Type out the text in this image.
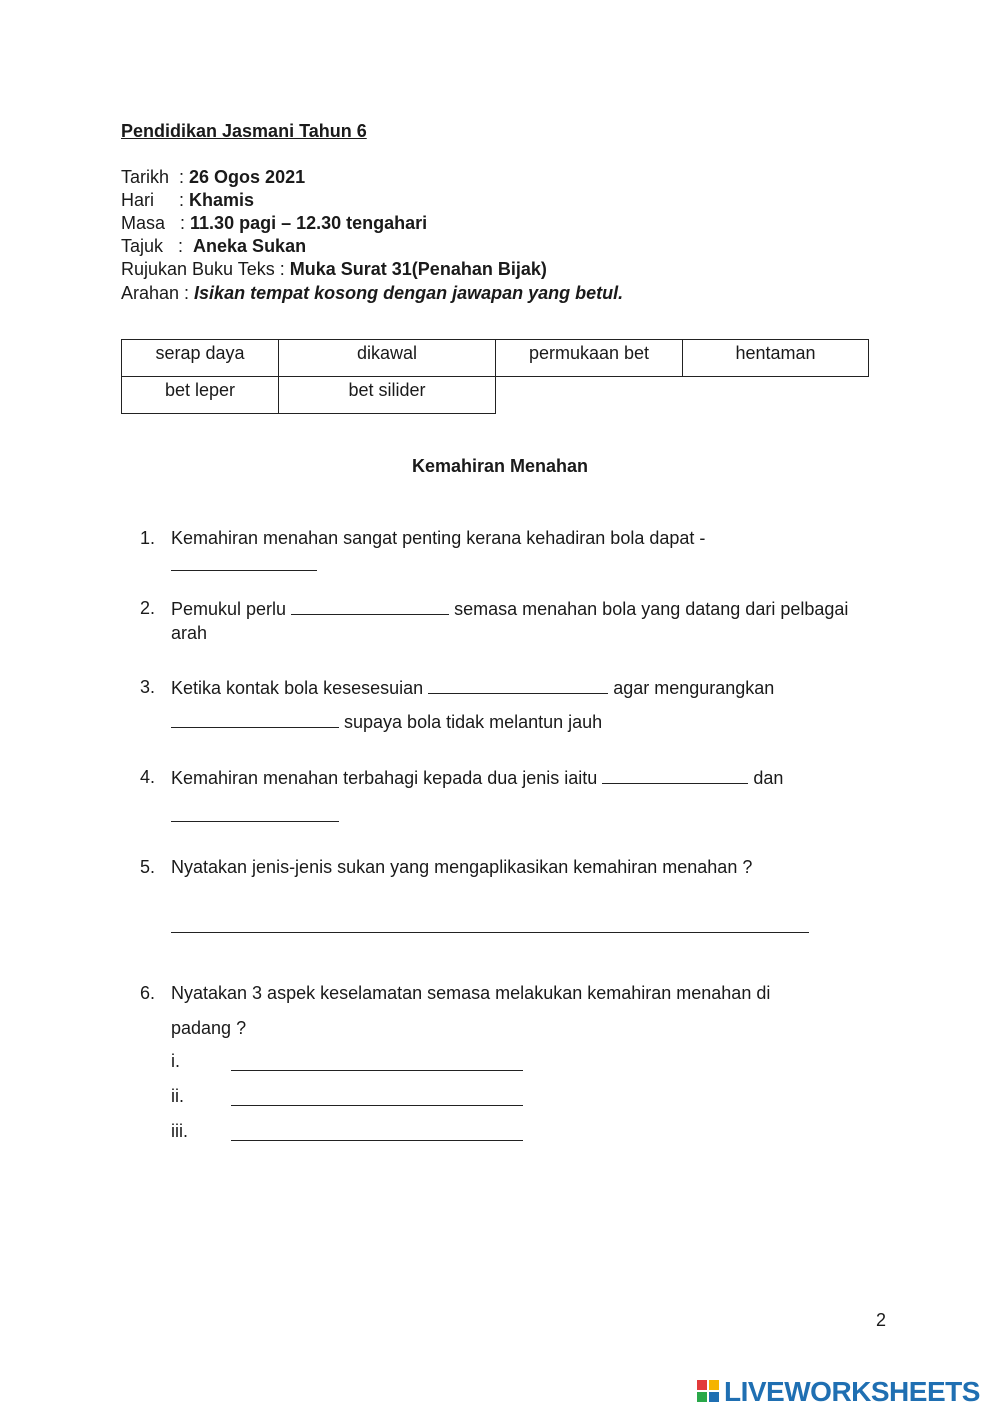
Pendidikan Jasmani Tahun 6
Tarikh  : 26 Ogos 2021
Hari     : Khamis
Masa   : 11.30 pagi – 12.30 tengahari
Tajuk   :  Aneka Sukan
Rujukan Buku Teks : Muka Surat 31(Penahan Bijak)
Arahan : Isikan tempat kosong dengan jawapan yang betul.
serap daya	dikawal	permukaan bet	hentaman
bet leper	bet silider		
Kemahiran Menahan
1. Kemahiran menahan sangat penting kerana kehadiran bola dapat -
2. Pemukul perlu	semasa menahan bola yang datang dari pelbagai arah
3. Ketika kontak bola kesesesuian	agar mengurangkan
supaya bola tidak melantun jauh
4. Kemahiran menahan terbahagi kepada dua jenis iaitu	dan
5. Nyatakan jenis-jenis sukan yang mengaplikasikan kemahiran menahan ?
6. Nyatakan 3 aspek keselamatan semasa melakukan kemahiran menahan di
padang ?
i.
ii.
iii.
2
LIVEWORKSHEETS
